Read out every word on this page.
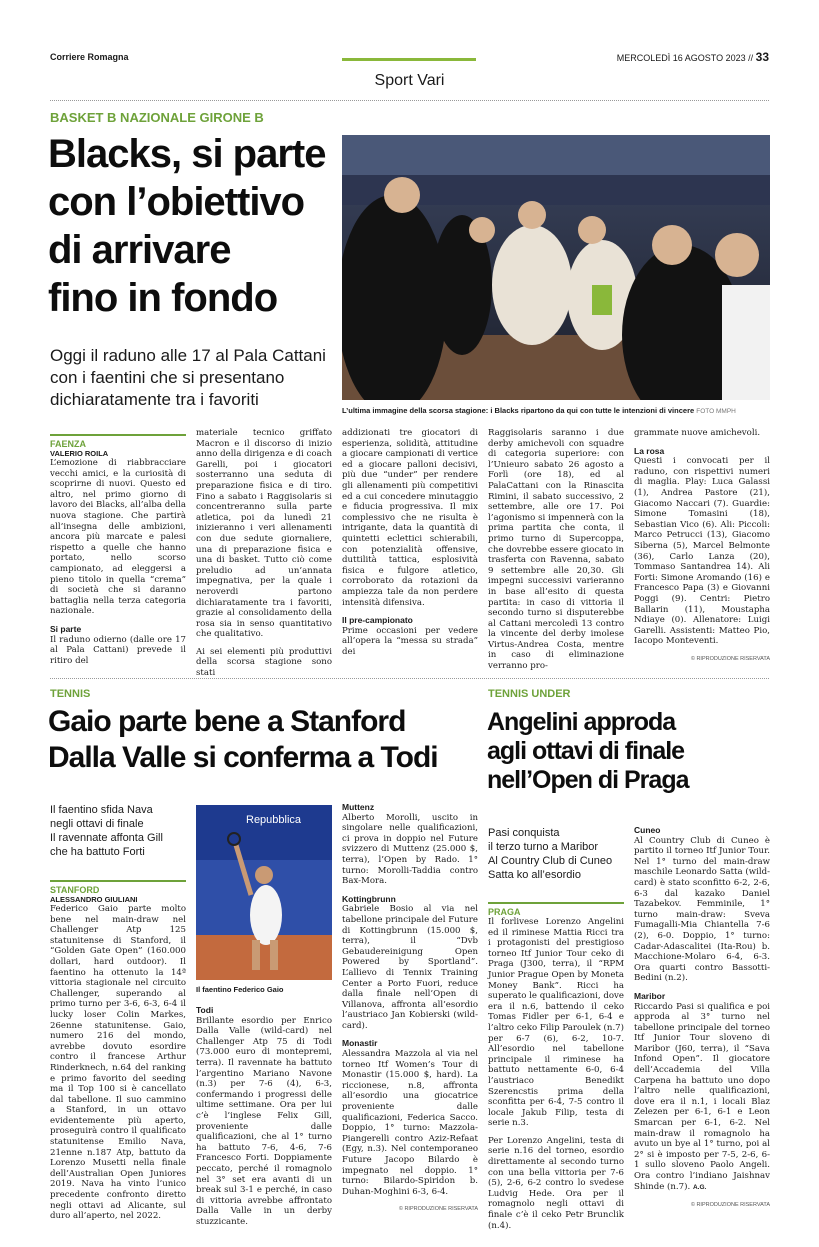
Corriere Romagna	MERCOLEDÌ 16 AGOSTO 2023 // 33
Sport Vari
BASKET B NAZIONALE GIRONE B
Blacks, si parte
con l’obiettivo
di arrivare
fino in fondo
Oggi il raduno alle 17 al Pala Cattani
con i faentini che si presentano
dichiaratamente tra i favoriti
L’ultima immagine della scorsa stagione: i Blacks ripartono da qui con tutte le intenzioni di vincere FOTO MMPH
FAENZA
VALERIO ROILA

L’emozione di riabbracciare vecchi amici, e la curiosità di scoprirne di nuovi. Questo ed altro, nel primo giorno di lavoro dei Blacks, all’alba della nuova stagione. Che partirà all’insegna delle ambizioni, ancora più marcate e palesi rispetto a quelle che hanno portato, nello scorso campionato, ad eleggersi a pieno titolo in quella “crema” di società che si daranno battaglia nella terza categoria nazionale.

Si parte

Il raduno odierno (dalle ore 17 al Pala Cattani) prevede il ritiro del

materiale tecnico griffato Macron e il discorso di inizio anno della dirigenza e di coach Garelli, poi i giocatori sosterranno una seduta di preparazione fisica e di tiro. Fino a sabato i Raggisolaris si concentreranno sulla parte atletica, poi da lunedì 21 inizieranno i veri allenamenti con due sedute giornaliere, una di preparazione fisica e una di basket. Tutto ciò come preludio ad un’annata impegnativa, per la quale i neroverdi partono dichiaratamente tra i favoriti, grazie al consolidamento della rosa sia in senso quantitativo che qualitativo.

Ai sei elementi più produttivi della scorsa stagione sono stati

addizionati tre giocatori di esperienza, solidità, attitudine a giocare campionati di vertice ed a giocare palloni decisivi, più due “under” per rendere gli allenamenti più competitivi ed a cui concedere minutaggio e fiducia progressiva. Il mix complessivo che ne risulta è intrigante, data la quantità di quintetti eclettici schierabili, con potenzialità offensive, duttilità tattica, esplosività fisica e fulgore atletico, corroborato da rotazioni da ampiezza tale da non perdere intensità difensiva.

Il pre-campionato

Prime occasioni per vedere all’opera la “messa su strada” dei

Raggisolaris saranno i due derby amichevoli con squadre di categoria superiore: con l’Unieuro sabato 26 agosto a Forlì (ore 18), ed al PalaCattani con la Rinascita Rimini, il sabato successivo, 2 settembre, alle ore 17. Poi l’agonismo si impennerà con la prima partita che conta, il primo turno di Supercoppa, che dovrebbe essere giocato in trasferta con Ravenna, sabato 9 settembre alle 20,30. Gli impegni successivi varieranno in base all’esito di questa partita: in caso di vittoria il secondo turno si disputerebbe al Cattani mercoledì 13 contro la vincente del derby imolese Virtus-Andrea Costa, mentre in caso di eliminazione verranno pro-

grammate nuove amichevoli.

La rosa

Questi i convocati per il raduno, con rispettivi numeri di maglia. Play: Luca Galassi (1), Andrea Pastore (21), Giacomo Naccari (7). Guardie: Simone Tomasini (18), Sebastian Vico (6). Ali: Piccoli: Marco Petrucci (13), Giacomo Siberna (5), Marcel Belmonte (36), Carlo Lanza (20), Tommaso Santandrea 14). Ali Forti: Simone Aromando (16) e Francesco Papa (3) e Giovanni Poggi (9). Centri: Pietro Ballarin (11), Moustapha Ndiaye (0). Allenatore: Luigi Garelli. Assistenti: Matteo Pio, Iacopo Monteventi.

© RIPRODUZIONE RISERVATA
TENNIS
Gaio parte bene a Stanford
Dalla Valle si conferma a Todi
Il faentino sfida Nava
negli ottavi di finale
Il ravennate affonta Gill
che ha battuto Forti
Repubblica
Il faentino Federico Gaio
STANFORD
ALESSANDRO GIULIANI

Federico Gaio parte molto bene nel main-draw nel Challenger Atp 125 statunitense di Stanford, il “Golden Gate Open” (160.000 dollari, hard outdoor). Il faentino ha ottenuto la 14ª vittoria stagionale nel circuito Challenger, superando al primo turno per 3-6, 6-3, 6-4 il lucky loser Colin Markes, 26enne statunitense. Gaio, numero 216 del mondo, avrebbe dovuto esordire contro il francese Arthur Rinderknech, n.64 del ranking e primo favorito del seeding ma il Top 100 si è cancellato dal tabellone. Il suo cammino a Stanford, in un ottavo evidentemente più aperto, proseguirà contro il qualificato statunitense Emilio Nava, 21enne n.187 Atp, battuto da Lorenzo Musetti nella finale dell’Australian Open Juniores 2019. Nava ha vinto l’unico precedente confronto diretto negli ottavi ad Alicante, sul duro all’aperto, nel 2022.

Todi

Brillante esordio per Enrico Dalla Valle (wild-card) nel Challenger Atp 75 di Todi (73.000 euro di montepremi, terra). Il ravennate ha battuto l’argentino Mariano Navone (n.3) per 7-6 (4), 6-3, confermando i progressi delle ultime settimane. Ora per lui c’è l’inglese Felix Gill, proveniente dalle qualificazioni, che al 1° turno ha battuto 7-6, 4-6, 7-6 Francesco Forti. Doppiamente peccato, perché il romagnolo nel 3° set era avanti di un break sul 3-1 e perché, in caso di vittoria avrebbe affrontato Dalla Valle in un derby stuzzicante.

Muttenz

Alberto Morolli, uscito in singolare nelle qualificazioni, ci prova in doppio nel Future svizzero di Muttenz (25.000 $, terra), l’Open by Rado. 1° turno: Morolli-Taddia contro Bax-Mora.

Kottingbrunn

Gabriele Bosio al via nel tabellone principale del Future di Kottingbrunn (15.000 $, terra), il “Dvb Gebaudereinigung Open Powered by Sportland”. L’allievo di Tennix Training Center a Porto Fuori, reduce dalla finale nell’Open di Villanova, affronta all’esordio l’austriaco Jan Kobierski (wild-card).

Monastir

Alessandra Mazzola al via nel torneo Itf Women’s Tour di Monastir (15.000 $, hard). La riccionese, n.8, affronta all’esordio una giocatrice proveniente dalle qualificazioni, Federica Sacco. Doppio, 1° turno: Mazzola-Piangerelli contro Aziz-Refaat (Egy, n.3). Nel contemporaneo Future Jacopo Bilardo è impegnato nel doppio. 1° turno: Bilardo-Spiridon b. Duhan-Moghini 6-3, 6-4.

© RIPRODUZIONE RISERVATA
TENNIS UNDER
Angelini approda
agli ottavi di finale
nell’Open di Praga
Pasi conquista
il terzo turno a Maribor
Al Country Club di Cuneo
Satta ko all’esordio
PRAGA

Il forlivese Lorenzo Angelini ed il riminese Mattia Ricci tra i protagonisti del prestigioso torneo Itf Junior Tour ceko di Praga (J300, terra), il “RPM Junior Prague Open by Moneta Money Bank”. Ricci ha superato le qualificazioni, dove era il n.6, battendo il ceko Tomas Fidler per 6-1, 6-4 e l’altro ceko Filip Paroulek (n.7) per 6-7 (6), 6-2, 10-7. All’esordio nel tabellone principale il riminese ha battuto nettamente 6-0, 6-4 l’austriaco Benedikt Szerencstis prima della sconfitta per 6-4, 7-5 contro il locale Jakub Filip, testa di serie n.3.

Per Lorenzo Angelini, testa di serie n.16 del torneo, esordio direttamente al secondo turno con una bella vittoria per 7-6 (5), 2-6, 6-2 contro lo svedese Ludvig Hede. Ora per il romagnolo negli ottavi di finale c’è il ceko Petr Brunclik (n.4).

Cuneo

Al Country Club di Cuneo è partito il torneo Itf Junior Tour. Nel 1° turno del main-draw maschile Leonardo Satta (wild-card) è stato sconfitto 6-2, 2-6, 6-3 dal kazako Daniel Tazabekov. Femminile, 1° turno main-draw: Sveva Fumagalli-Mia Chiantella 7-6 (2), 6-0. Doppio, 1° turno: Cadar-Adascalitei (Ita-Rou) b. Macchione-Molaro 6-4, 6-3. Ora quarti contro Bassotti-Bedini (n.2).

Maribor

Riccardo Pasi si qualifica e poi approda al 3° turno nel tabellone principale del torneo Itf Junior Tour sloveno di Maribor (J60, terra), il “Sava Infond Open”. Il giocatore dell’Accademia del Villa Carpena ha battuto uno dopo l’altro nelle qualificazioni, dove era il n.1, i locali Blaz Zelezen per 6-1, 6-1 e Leon Smarcan per 6-1, 6-2. Nel main-draw il romagnolo ha avuto un bye al 1° turno, poi al 2° si è imposto per 7-5, 2-6, 6-1 sullo sloveno Paolo Angeli. Ora contro l’indiano Jaishnav Shinde (n.7). A.G.

© RIPRODUZIONE RISERVATA
